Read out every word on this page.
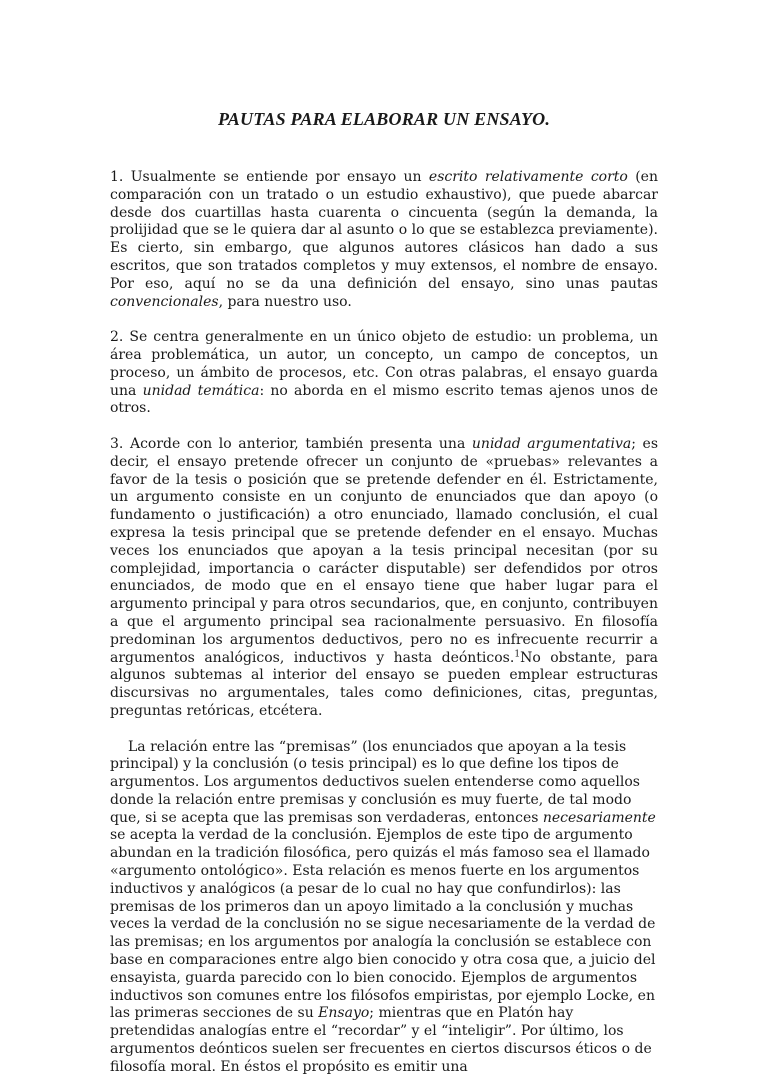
PAUTAS PARA ELABORAR UN ENSAYO.

1. Usualmente se entiende por ensayo un escrito relativamente corto (en comparación con un tratado o un estudio exhaustivo), que puede abarcar desde dos cuartillas hasta cuarenta o cincuenta (según la demanda, la prolijidad que se le quiera dar al asunto o lo que se establezca previamente). Es cierto, sin embargo, que algunos autores clásicos han dado a sus escritos, que son tratados completos y muy extensos, el nombre de ensayo. Por eso, aquí no se da una definición del ensayo, sino unas pautas convencionales, para nuestro uso.

2. Se centra generalmente en un único objeto de estudio: un problema, un área problemática, un autor, un concepto, un campo de conceptos, un proceso, un ámbito de procesos, etc. Con otras palabras, el ensayo guarda una unidad temática: no aborda en el mismo escrito temas ajenos unos de otros.

3. Acorde con lo anterior, también presenta una unidad argumentativa; es decir, el ensayo pretende ofrecer un conjunto de «pruebas» relevantes a favor de la tesis o posición que se pretende defender en él. Estrictamente, un argumento consiste en un conjunto de enunciados que dan apoyo (o fundamento o justificación) a otro enunciado, llamado conclusión, el cual expresa la tesis principal que se pretende defender en el ensayo. Muchas veces los enunciados que apoyan a la tesis principal necesitan (por su complejidad, importancia o carácter disputable) ser defendidos por otros enunciados, de modo que en el ensayo tiene que haber lugar para el argumento principal y para otros secundarios, que, en conjunto, contribuyen a que el argumento principal sea racionalmente persuasivo. En filosofía predominan los argumentos deductivos, pero no es infrecuente recurrir a argumentos analógicos, inductivos y hasta deónticos.$^1$No obstante, para algunos subtemas al interior del ensayo se pueden emplear estructuras discursivas no argumentales, tales como definiciones, citas, preguntas, preguntas retóricas, etcétera.

La relación entre las “premisas” (los enunciados que apoyan a la tesis principal) y la conclusión (o tesis principal) es lo que define los tipos de argumentos. Los argumentos deductivos suelen entenderse como aquellos donde la relación entre premisas y conclusión es muy fuerte, de tal modo que, si se acepta que las premisas son verdaderas, entonces necesariamente se acepta la verdad de la conclusión. Ejemplos de este tipo de argumento abundan en la tradición filosófica, pero quizás el más famoso sea el llamado «argumento ontológico». Esta relación es menos fuerte en los argumentos inductivos y analógicos (a pesar de lo cual no hay que confundirlos): las premisas de los primeros dan un apoyo limitado a la conclusión y muchas veces la verdad de la conclusión no se sigue necesariamente de la verdad de las premisas; en los argumentos por analogía la conclusión se establece con base en comparaciones entre algo bien conocido y otra cosa que, a juicio del ensayista, guarda parecido con lo bien conocido. Ejemplos de argumentos inductivos son comunes entre los filósofos empiristas, por ejemplo Locke, en las primeras secciones de su Ensayo; mientras que en Platón hay pretendidas analogías entre el “recordar” y el “inteligir”. Por último, los argumentos deónticos suelen ser frecuentes en ciertos discursos éticos o de filosofía moral. En éstos el propósito es emitir una
